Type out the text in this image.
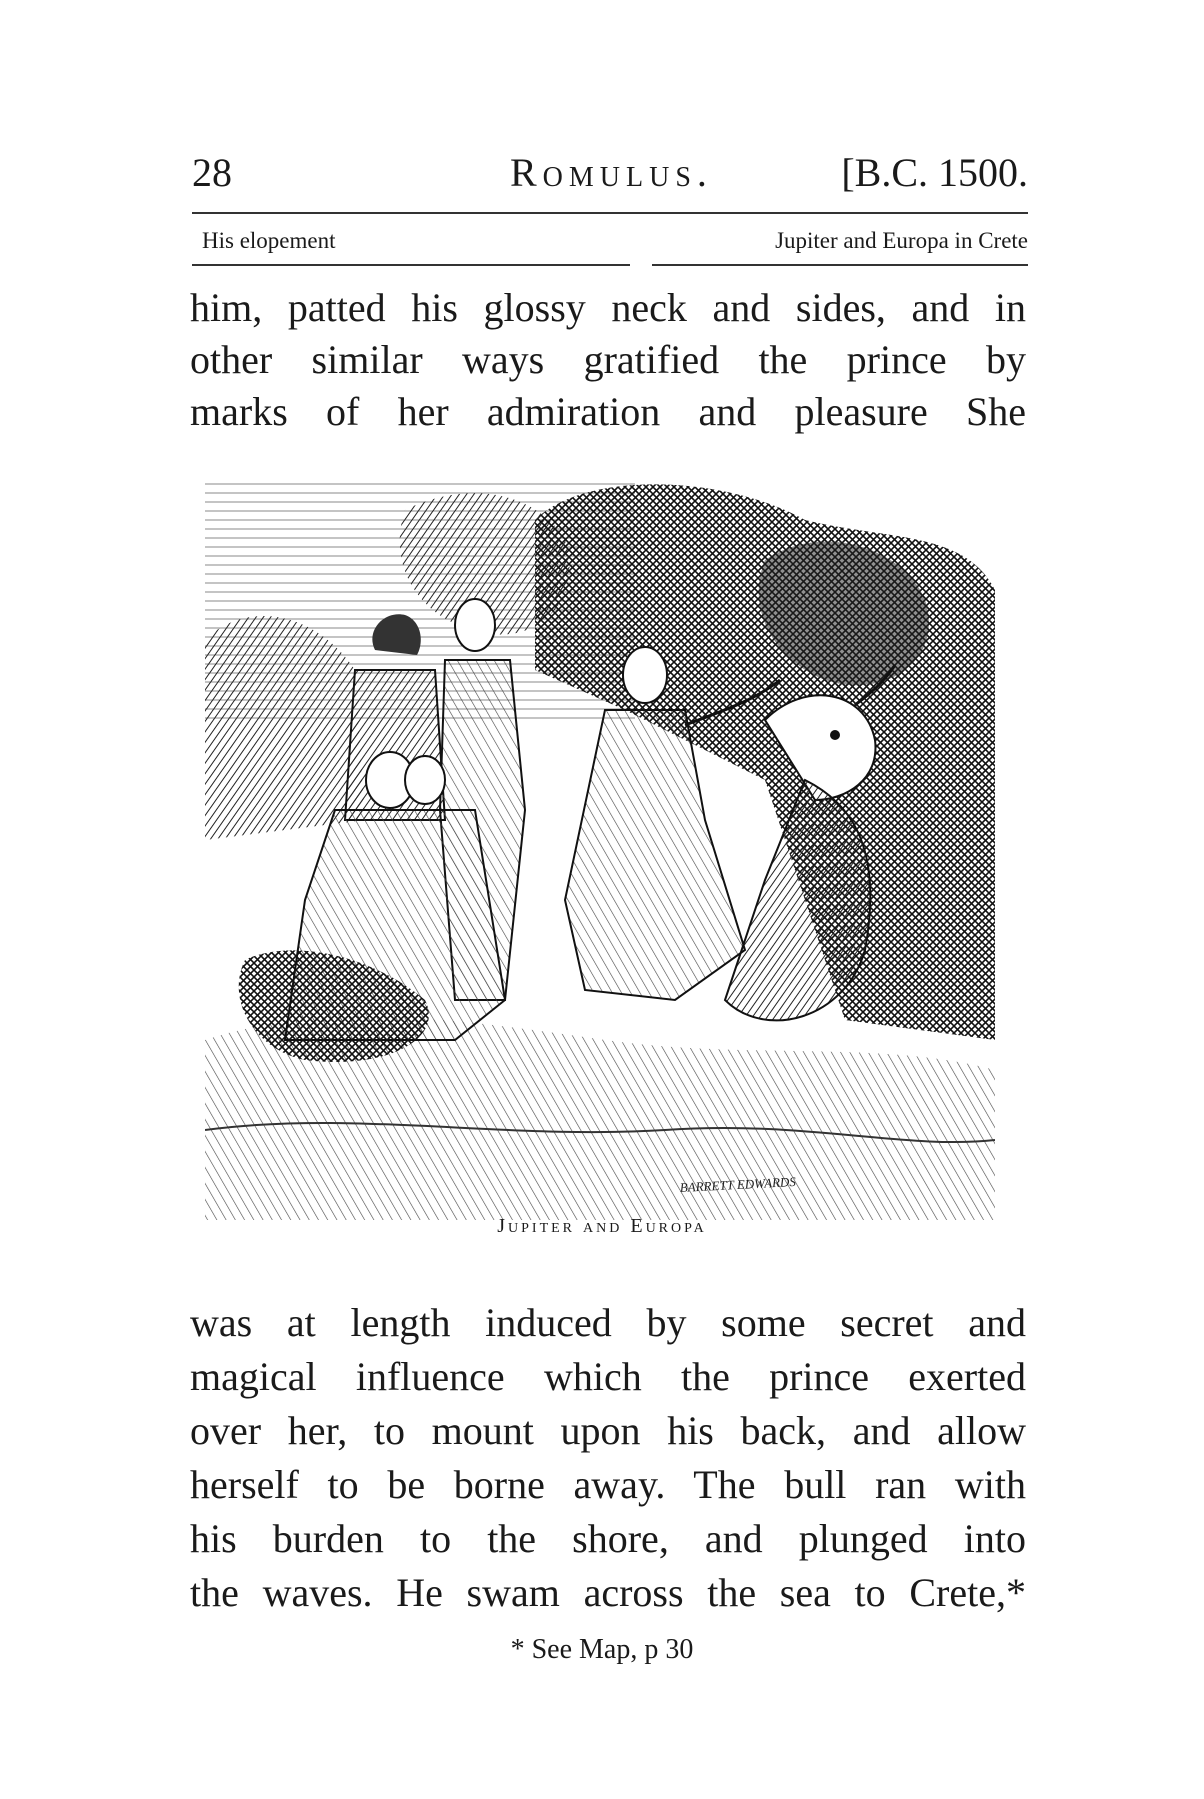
28	Romulus.	[B.C. 1500.
His elopement	Jupiter and Europa in Crete

him, patted his glossy neck and sides, and in

other similar ways gratified the prince by

marks of her admiration and pleasure She

BARRETT EDWARDS
Jupiter and Europa

was at length induced by some secret and

magical influence which the prince exerted

over her, to mount upon his back, and allow

herself to be borne away. The bull ran with

his burden to the shore, and plunged into

the waves. He swam across the sea to Crete,*

* See Map, p 30
